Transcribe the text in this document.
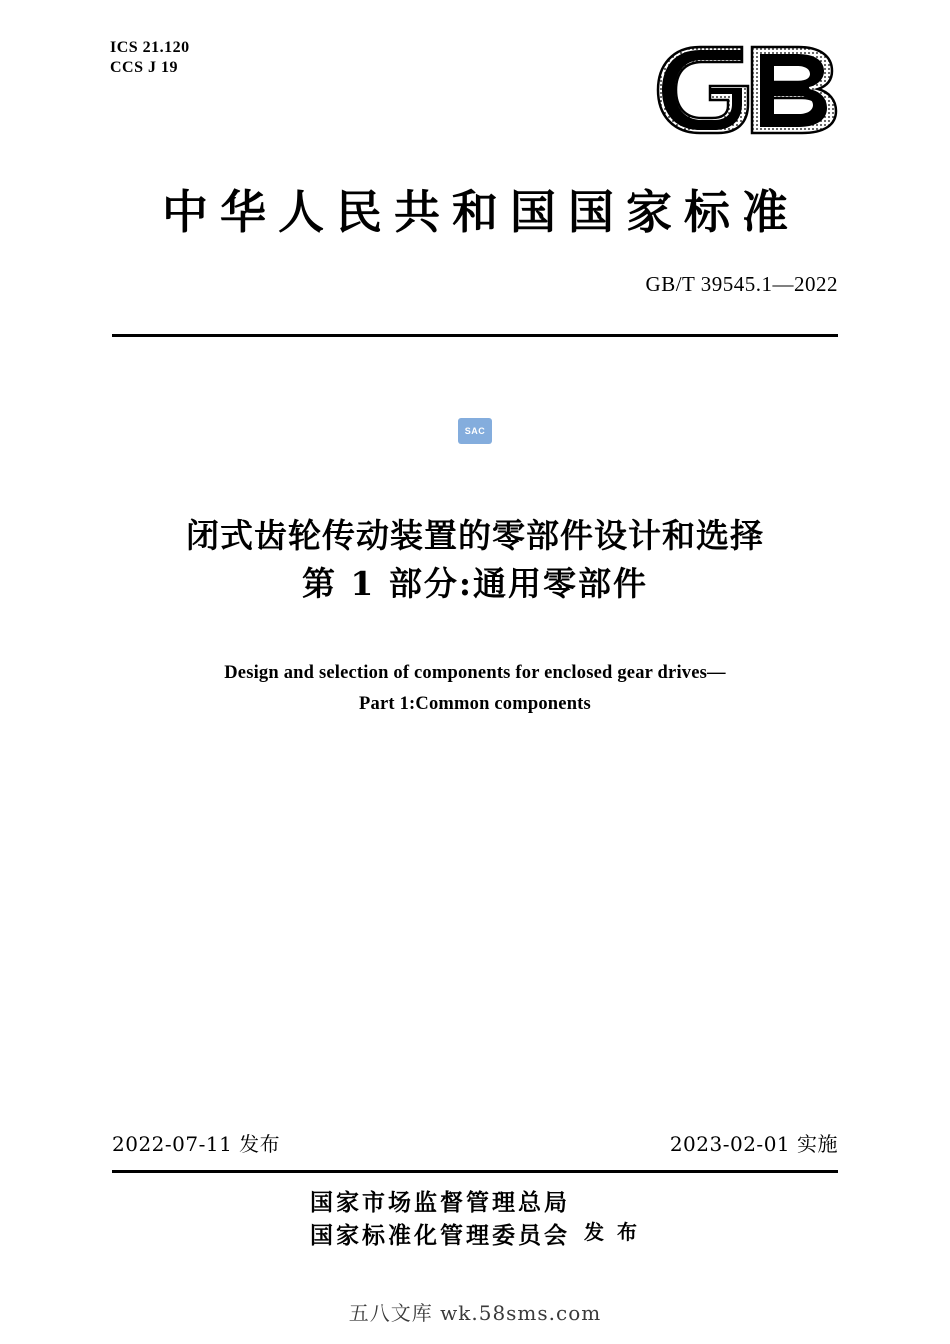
ICS 21.120
CCS J 19
中华人民共和国国家标准
GB/T 39545.1—2022
SAC
闭式齿轮传动装置的零部件设计和选择
第 1 部分:通用零部件
Design and selection of components for enclosed gear drives—
Part 1:Common components
2022-07-11 发布	2023-02-01 实施
国家市场监督管理总局
国家标准化管理委员会 发 布
五八文库 wk.58sms.com
